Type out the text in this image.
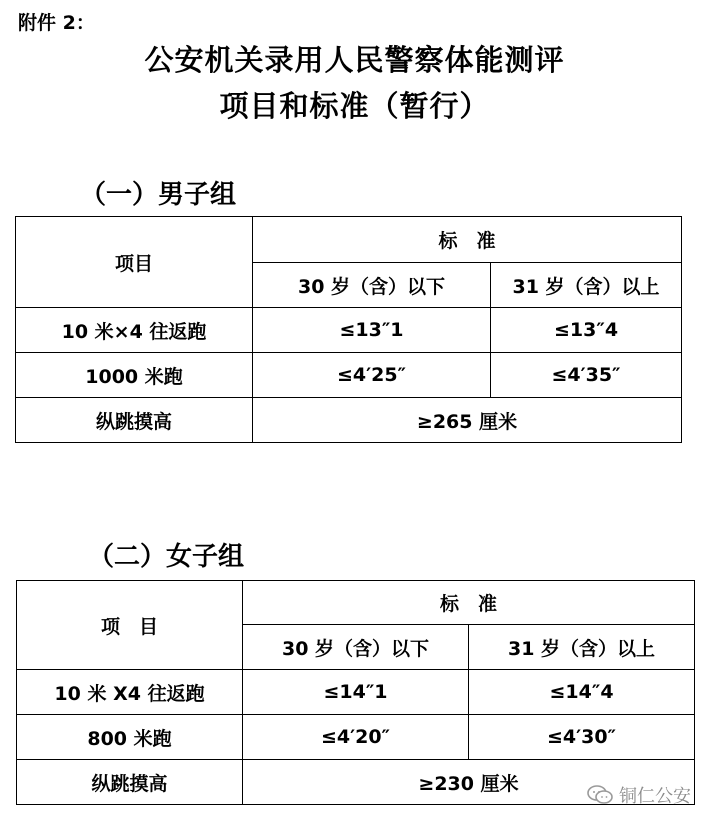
附件 2：
公安机关录用人民警察体能测评
项目和标准（暂行）
（一）男子组
项目	标　准	
	30 岁（含）以下	31 岁（含）以上
10 米×4 往返跑	≤13″1	≤13″4
1000 米跑	≤4′25″	≤4′35″
纵跳摸高	≥265 厘米	
（二）女子组
项　目	标　准	
	30 岁（含）以下	31 岁（含）以上
10 米 X4 往返跑	≤14″1	≤14″4
800 米跑	≤4′20″	≤4′30″
纵跳摸高	≥230 厘米	
铜仁公安
